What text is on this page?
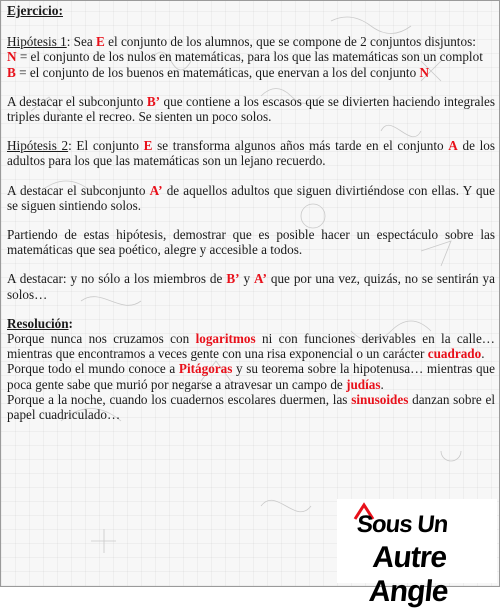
Ejercicio:

Hipótesis 1: Sea E el conjunto de los alumnos, que se compone de 2 conjuntos disjuntos:
N = el conjunto de los nulos en matemáticas, para los que las matemáticas son un complot
B = el conjunto de los buenos en matemáticas, que enervan a los del conjunto N

A destacar el subconjunto B’ que contiene a los escasos que se divierten haciendo integrales triples durante el recreo. Se sienten un poco solos.

Hipótesis 2: El conjunto E se transforma algunos años más tarde en el conjunto A de los adultos para los que las matemáticas son un lejano recuerdo.

A destacar el subconjunto A’ de aquellos adultos que siguen divirtiéndose con ellas. Y que se siguen sintiendo solos.

Partiendo de estas hipótesis, demostrar que es posible hacer un espectáculo sobre las matemáticas que sea poético, alegre y accesible a todos.

A destacar: y no sólo a los miembros de B’ y A’ que por una vez, quizás, no se sentirán ya solos…

Resolución:

Porque nunca nos cruzamos con logaritmos ni con funciones derivables en la calle… mientras que encontramos a veces gente con una risa exponencial o un carácter cuadrado.

Porque todo el mundo conoce a Pitágoras y su teorema sobre la hipotenusa… mientras que poca gente sabe que murió por negarse a atravesar un campo de judías.

Porque a la noche, cuando los cuadernos escolares duermen, las sinusoides danzan sobre el papel cuadriculado…

Sous Un
Autre Angle
